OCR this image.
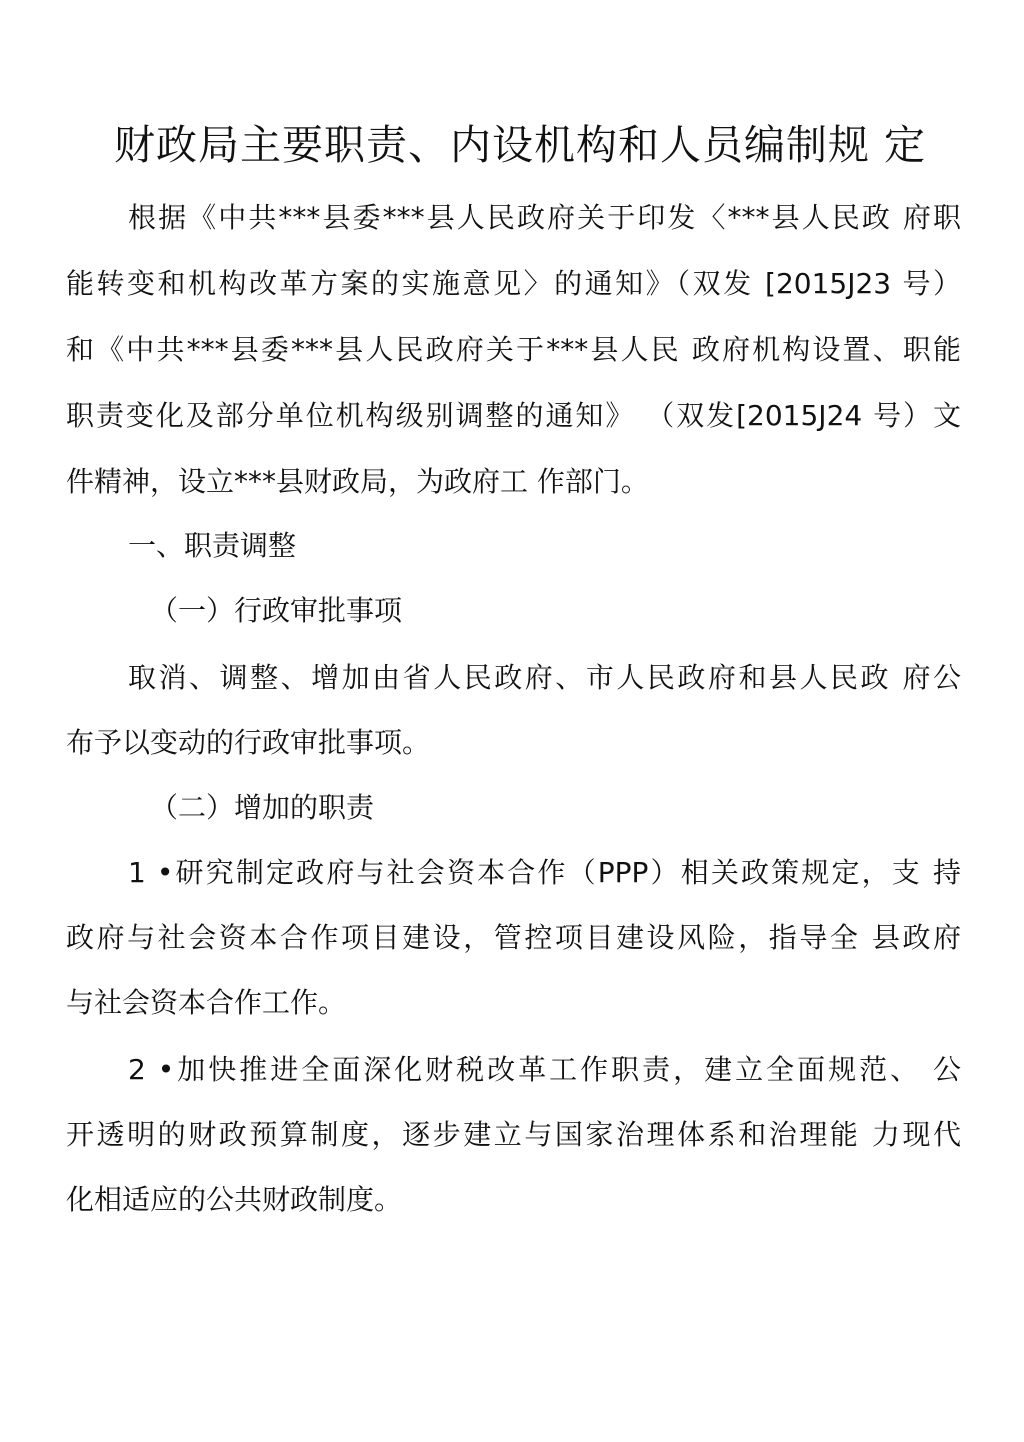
财政局主要职责、内设机构和人员编制规 定
根据《中共***县委***县人民政府关于印发〈***县人民政 府职
能转变和机构改革方案的实施意见〉的通知》（双发 [2015J23 号）
和《中共***县委***县人民政府关于***县人民 政府机构设置、职能
职责变化及部分单位机构级别调整的通知》 （双发[2015J24 号）文
件精神，设立***县财政局，为政府工 作部门。
一、职责调整
（一）行政审批事项
取消、调整、增加由省人民政府、市人民政府和县人民政 府公
布予以变动的行政审批事项。
（二）增加的职责
1 •研究制定政府与社会资本合作（PPP）相关政策规定，支 持
政府与社会资本合作项目建设，管控项目建设风险，指导全 县政府
与社会资本合作工作。
2 •加快推进全面深化财税改革工作职责，建立全面规范、 公
开透明的财政预算制度，逐步建立与国家治理体系和治理能 力现代
化相适应的公共财政制度。
